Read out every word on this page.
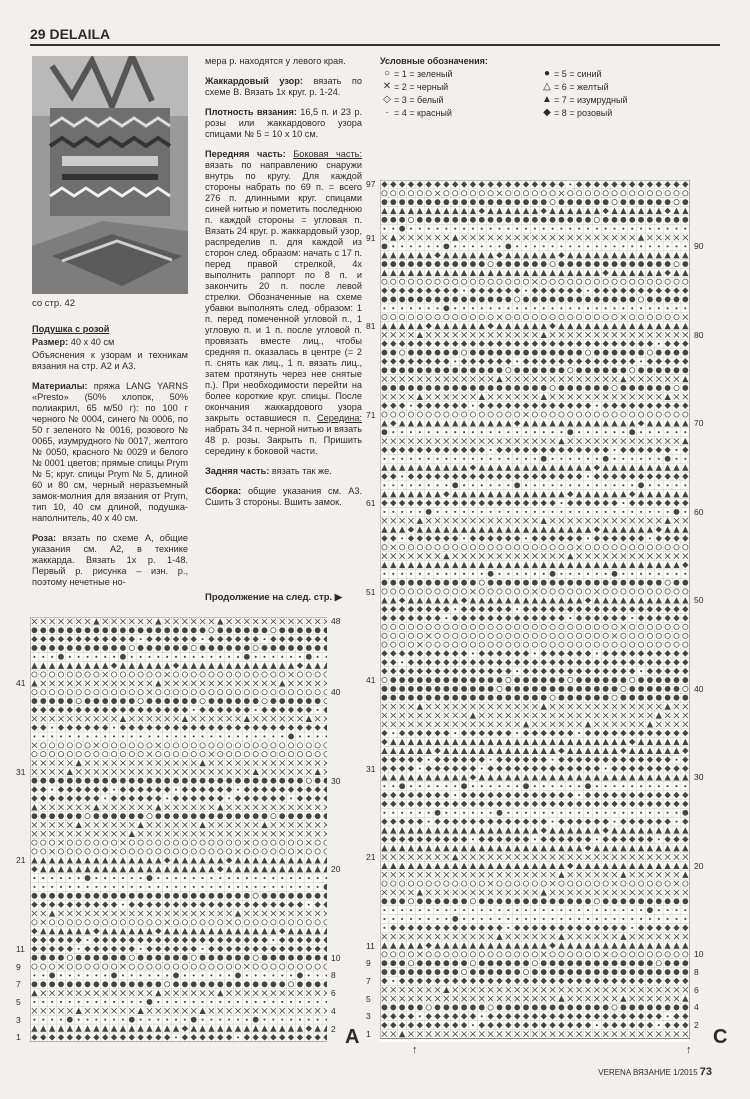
29 DELAILA
со стр. 42

Подушка с розой

Размер: 40 х 40 см

Объяснения к узорам и техникам вязания на стр. А2 и А3.

Материалы: пряжа LANG YARNS «Presto» (50% хлопок, 50% полиакрил, 65 м/50 г): по 100 г черного № 0004, синего № 0006, по 50 г зеленого № 0016, розового № 0065, изумрудного № 0017, желтого № 0050, красного № 0029 и белого № 0001 цветов; прямые спицы Prym № 5; круг. спицы Prym № 5, длиной 60 и 80 см, черный неразъемный замок-молния для вязания от Prym, тип 10, 40 см длиной, подушка-наполнитель, 40 х 40 см.

Роза: вязать по схеме А, общие указания см. А2, в технике жаккарда. Вязать 1х р. 1-48. Первый р. рисунка – изн. р., поэтому нечетные но-

мера р. находятся у левого края.

Жаккардовый узор: вязать по схеме В. Вязать 1х круг. р. 1-24.

Плотность вязания: 16,5 п. и 23 р. розы или жаккардового узора спицами № 5 = 10 х 10 см.

Передняя часть: Боковая часть: вязать по направлению снаружи внутрь по кругу. Для каждой стороны набрать по 69 п. = всего 276 п. длинными круг. спицами синей нитью и пометить последнюю п. каждой стороны = угловая п. Вязать 24 круг. р. жаккардовый узор, распределив п. для каждой из сторон след. образом: начать с 17 п. перед правой стрелкой, 4х выполнить раппорт по 8 п. и закончить 20 п. после левой стрелки. Обозначенные на схеме убавки выполнять след. образом: 1 п. перед помеченной угловой п., 1 угловую п. и 1 п. после угловой п. провязать вместе лиц., чтобы средняя п. оказалась в центре (= 2 п. снять как лиц., 1 п. вязать лиц., затем протянуть через нее снятые п.). При необходимости перейти на более короткие круг. спицы. После окончания жаккардового узора закрыть оставшиеся п. Середина: набрать 34 п. черной нитью и вязать 48 р. розы. Закрыть п. Пришить середину к боковой части.

Задняя часть: вязать так же.

Сборка: общие указания см. А3. Сшить 3 стороны. Вшить замок.

Продолжение на след. стр. ▶
Условные обозначения:
○ = 1 = зеленый	● = 5 = синий
✕ = 2 = черный	△ = 6 = желтый
◇ = 3 = белый	▲ = 7 = изумрудный
· = 4 = красный	◆ = 8 = розовый
41
31
21
11
9
7
5
3
1
48
40
30
20
10
8
6
4
2 A
97
91
81
71
61
51
41
31
21
11
9
7
5
3
1
90
80
70
60
50
40
30
20
10
8
6
4
2
C
↑	↑
VERENA ВЯЗАНИЕ 1/2015 73
